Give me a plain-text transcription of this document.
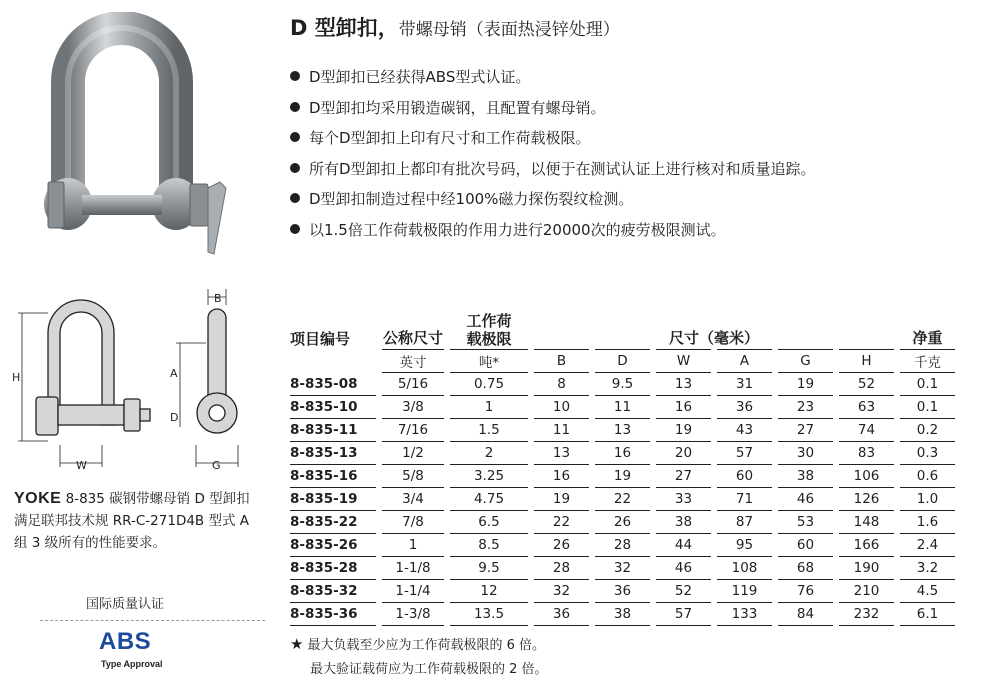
H	A
D
W
B
G
YOKE 8-835 碳钢带螺母销 D 型卸扣满足联邦技术规 RR-C-271D4B 型式 A 组 3 级所有的性能要求。
国际质量认证
ABS
Type Approval
D 型卸扣，带螺母销（表面热浸锌处理）
D型卸扣已经获得ABS型式认证。
D型卸扣均采用锻造碳钢，且配置有螺母销。
每个D型卸扣上印有尺寸和工作荷载极限。
所有D型卸扣上都印有批次号码，以便于在测试认证上进行核对和质量追踪。
D型卸扣制造过程中经100%磁力探伤裂纹检测。
以1.5倍工作荷载极限的作用力进行20000次的疲劳极限测试。
项目编号		公称尺寸		工作荷载极限						尺寸（毫米）								净重
		英寸		吨*		B		D		W		A		G		H		千克
8-835-08		5/16		0.75		8		9.5		13		31		19		52		0.1
8-835-10		3/8		1		10		11		16		36		23		63		0.1
8-835-11		7/16		1.5		11		13		19		43		27		74		0.2
8-835-13		1/2		2		13		16		20		57		30		83		0.3
8-835-16		5/8		3.25		16		19		27		60		38		106		0.6
8-835-19		3/4		4.75		19		22		33		71		46		126		1.0
8-835-22		7/8		6.5		22		26		38		87		53		148		1.6
8-835-26		1		8.5		26		28		44		95		60		166		2.4
8-835-28		1-1/8		9.5		28		32		46		108		68		190		3.2
8-835-32		1-1/4		12		32		36		52		119		76		210		4.5
8-835-36		1-3/8		13.5		36		38		57		133		84		232		6.1
★ 最大负载至少应为工作荷载极限的 6 倍。
最大验证载荷应为工作荷载极限的 2 倍。
